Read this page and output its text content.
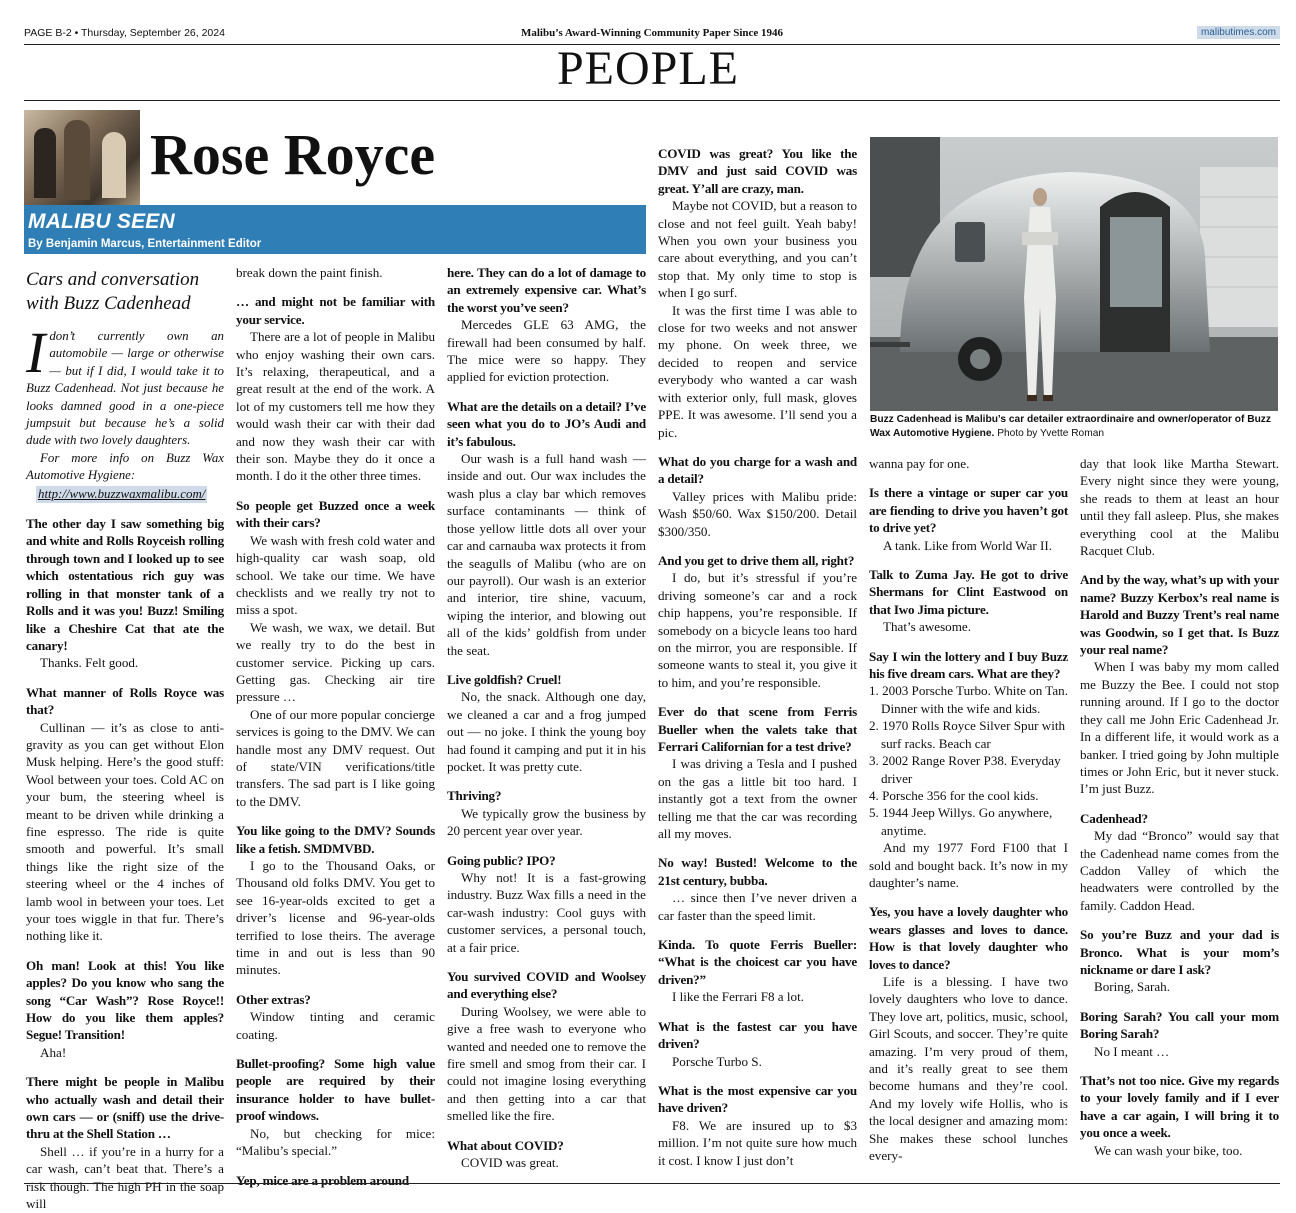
PAGE B-2 • Thursday, September 26, 2024	Malibu’s Award-Winning Community Paper Since 1946	malibutimes.com
PEOPLE
Rose Royce
MALIBU SEEN
By Benjamin Marcus, Entertainment Editor
Cars and conversation with Buzz Cadenhead
Idon’t currently own an automobile — large or otherwise — but if I did, I would take it to Buzz Cadenhead. Not just because he looks damned good in a one-piece jumpsuit but because he’s a solid dude with two lovely daughters.
For more info on Buzz Wax Automotive Hygiene:
http://www.buzzwaxmalibu.com/

The other day I saw something big and white and Rolls Royceish rolling through town and I looked up to see which ostentatious rich guy was rolling in that monster tank of a Rolls and it was you! Buzz! Smiling like a Cheshire Cat that ate the canary!

Thanks. Felt good.

What manner of Rolls Royce was that?

Cullinan — it’s as close to anti-gravity as you can get without Elon Musk helping. Here’s the good stuff: Wool between your toes. Cold AC on your bum, the steering wheel is meant to be driven while drinking a fine espresso. The ride is quite smooth and powerful. It’s small things like the right size of the steering wheel or the 4 inches of lamb wool in between your toes. Let your toes wiggle in that fur. There’s nothing like it.

Oh man! Look at this! You like apples? Do you know who sang the song “Car Wash”? Rose Royce!! How do you like them apples? Segue! Transition!

Aha!

There might be people in Malibu who actually wash and detail their own cars — or (sniff) use the drive-thru at the Shell Station …

Shell … if you’re in a hurry for a car wash, can’t beat that. There’s a risk though. The high PH in the soap will

break down the paint finish.

… and might not be familiar with your service.

There are a lot of people in Malibu who enjoy washing their own cars. It’s relaxing, therapeutical, and a great result at the end of the work. A lot of my customers tell me how they would wash their car with their dad and now they wash their car with their son. Maybe they do it once a month. I do it the other three times.

So people get Buzzed once a week with their cars?

We wash with fresh cold water and high-quality car wash soap, old school. We take our time. We have checklists and we really try not to miss a spot.

We wash, we wax, we detail. But we really try to do the best in customer service. Picking up cars. Getting gas. Checking air tire pressure …

One of our more popular concierge services is going to the DMV. We can handle most any DMV request. Out of state/VIN verifications/title transfers. The sad part is I like going to the DMV.

You like going to the DMV? Sounds like a fetish. SMDMVBD.

I go to the Thousand Oaks, or Thousand old folks DMV. You get to see 16-year-olds excited to get a driver’s license and 96-year-olds terrified to lose theirs. The average time in and out is less than 90 minutes.

Other extras?

Window tinting and ceramic coating.

Bullet-proofing? Some high value people are required by their insurance holder to have bullet-proof windows.

No, but checking for mice: “Malibu’s special.”

Yep, mice are a problem around

here. They can do a lot of damage to an extremely expensive car. What’s the worst you’ve seen?

Mercedes GLE 63 AMG, the firewall had been consumed by half. The mice were so happy. They applied for eviction protection.

What are the details on a detail? I’ve seen what you do to JO’s Audi and it’s fabulous.

Our wash is a full hand wash — inside and out. Our wax includes the wash plus a clay bar which removes surface contaminants — think of those yellow little dots all over your car and carnauba wax protects it from the seagulls of Malibu (who are on our payroll). Our wash is an exterior and interior, tire shine, vacuum, wiping the interior, and blowing out all of the kids’ goldfish from under the seat.

Live goldfish? Cruel!

No, the snack. Although one day, we cleaned a car and a frog jumped out — no joke. I think the young boy had found it camping and put it in his pocket. It was pretty cute.

Thriving?

We typically grow the business by 20 percent year over year.

Going public? IPO?

Why not! It is a fast-growing industry. Buzz Wax fills a need in the car-wash industry: Cool guys with customer services, a personal touch, at a fair price.

You survived COVID and Woolsey and everything else?

During Woolsey, we were able to give a free wash to everyone who wanted and needed one to remove the fire smell and smog from their car. I could not imagine losing everything and then getting into a car that smelled like the fire.

What about COVID?

COVID was great.

COVID was great? You like the DMV and just said COVID was great. Y’all are crazy, man.

Maybe not COVID, but a reason to close and not feel guilt. Yeah baby! When you own your business you care about everything, and you can’t stop that. My only time to stop is when I go surf.

It was the first time I was able to close for two weeks and not answer my phone. On week three, we decided to reopen and service everybody who wanted a car wash with exterior only, full mask, gloves PPE. It was awesome. I’ll send you a pic.

What do you charge for a wash and a detail?

Valley prices with Malibu pride: Wash $50/60. Wax $150/200. Detail $300/350.

And you get to drive them all, right?

I do, but it’s stressful if you’re driving someone’s car and a rock chip happens, you’re responsible. If somebody on a bicycle leans too hard on the mirror, you are responsible. If someone wants to steal it, you give it to him, and you’re responsible.

Ever do that scene from Ferris Bueller when the valets take that Ferrari Californian for a test drive?

I was driving a Tesla and I pushed on the gas a little bit too hard. I instantly got a text from the owner telling me that the car was recording all my moves.

No way! Busted! Welcome to the 21st century, bubba.

… since then I’ve never driven a car faster than the speed limit.

Kinda. To quote Ferris Bueller: “What is the choicest car you have driven?”

I like the Ferrari F8 a lot.

What is the fastest car you have driven?

Porsche Turbo S.

What is the most expensive car you have driven?

F8. We are insured up to $3 million. I’m not quite sure how much it cost. I know I just don’t

Buzz Cadenhead is Malibu’s car detailer extraordinaire and owner/operator of Buzz Wax Automotive Hygiene. Photo by Yvette Roman

wanna pay for one.

Is there a vintage or super car you are fiending to drive you haven’t got to drive yet?

A tank. Like from World War II.

Talk to Zuma Jay. He got to drive Shermans for Clint Eastwood on that Iwo Jima picture.

That’s awesome.

Say I win the lottery and I buy Buzz his five dream cars. What are they?

1. 2003 Porsche Turbo. White on Tan. Dinner with the wife and kids.
2. 1970 Rolls Royce Silver Spur with surf racks. Beach car
3. 2002 Range Rover P38. Everyday driver
4. Porsche 356 for the cool kids.
5. 1944 Jeep Willys. Go anywhere, anytime.

And my 1977 Ford F100 that I sold and bought back. It’s now in my daughter’s name.

Yes, you have a lovely daughter who wears glasses and loves to dance. How is that lovely daughter who loves to dance?

Life is a blessing. I have two lovely daughters who love to dance. They love art, politics, music, school, Girl Scouts, and soccer. They’re quite amazing. I’m very proud of them, and it’s really great to see them become humans and they’re cool. And my lovely wife Hollis, who is the local designer and amazing mom: She makes these school lunches every-

day that look like Martha Stewart. Every night since they were young, she reads to them at least an hour until they fall asleep. Plus, she makes everything cool at the Malibu Racquet Club.

And by the way, what’s up with your name? Buzzy Kerbox’s real name is Harold and Buzzy Trent’s real name was Goodwin, so I get that. Is Buzz your real name?

When I was baby my mom called me Buzzy the Bee. I could not stop running around. If I go to the doctor they call me John Eric Cadenhead Jr. In a different life, it would work as a banker. I tried going by John multiple times or John Eric, but it never stuck. I’m just Buzz.

Cadenhead?

My dad “Bronco” would say that the Cadenhead name comes from the Caddon Valley of which the headwaters were controlled by the family. Caddon Head.

So you’re Buzz and your dad is Bronco. What is your mom’s nickname or dare I ask?

Boring, Sarah.

Boring Sarah? You call your mom Boring Sarah?

No I meant …

That’s not too nice. Give my regards to your lovely family and if I ever have a car again, I will bring it to you once a week.

We can wash your bike, too.
